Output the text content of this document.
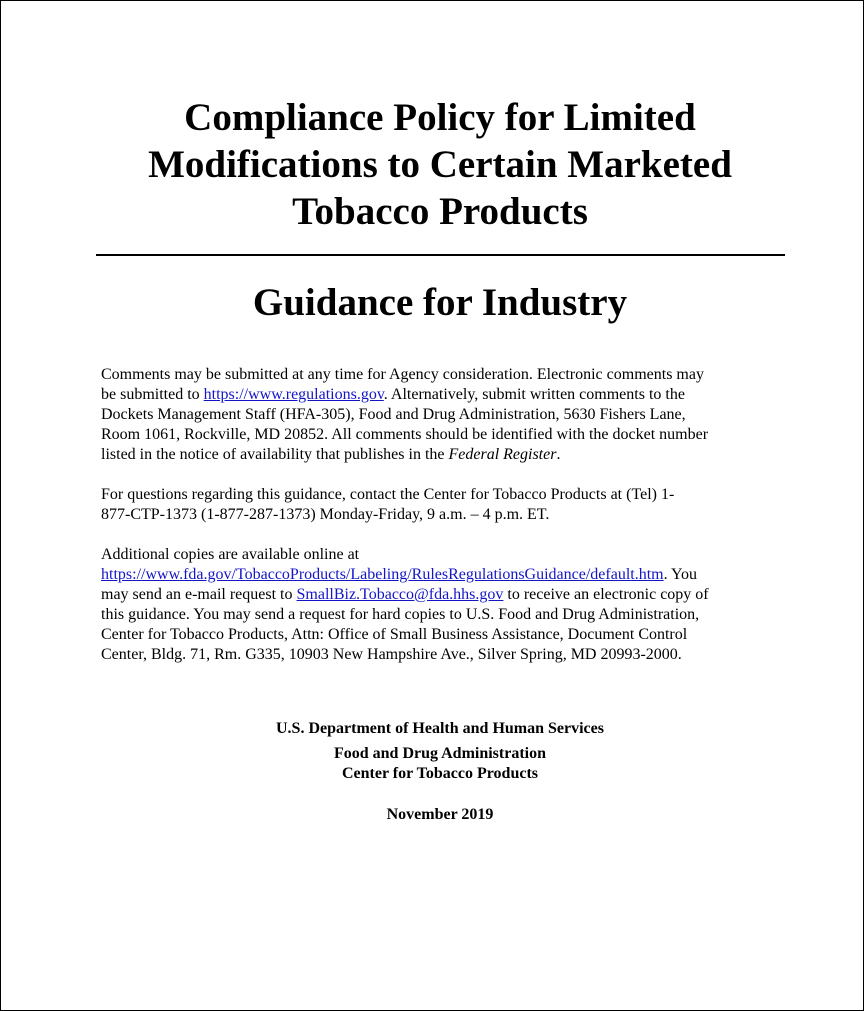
Compliance Policy for Limited
Modifications to Certain Marketed
Tobacco Products
Guidance for Industry

Comments may be submitted at any time for Agency consideration. Electronic comments may
be submitted to https://www.regulations.gov. Alternatively, submit written comments to the
Dockets Management Staff (HFA-305), Food and Drug Administration, 5630 Fishers Lane,
Room 1061, Rockville, MD 20852. All comments should be identified with the docket number
listed in the notice of availability that publishes in the Federal Register.

For questions regarding this guidance, contact the Center for Tobacco Products at (Tel) 1-
877-CTP-1373 (1-877-287-1373) Monday-Friday, 9 a.m. – 4 p.m. ET.

Additional copies are available online at
https://www.fda.gov/TobaccoProducts/Labeling/RulesRegulationsGuidance/default.htm. You
may send an e-mail request to SmallBiz.Tobacco@fda.hhs.gov to receive an electronic copy of
this guidance. You may send a request for hard copies to U.S. Food and Drug Administration,
Center for Tobacco Products, Attn: Office of Small Business Assistance, Document Control
Center, Bldg. 71, Rm. G335, 10903 New Hampshire Ave., Silver Spring, MD 20993-2000.

U.S. Department of Health and Human Services
Food and Drug Administration
Center for Tobacco Products
November 2019
